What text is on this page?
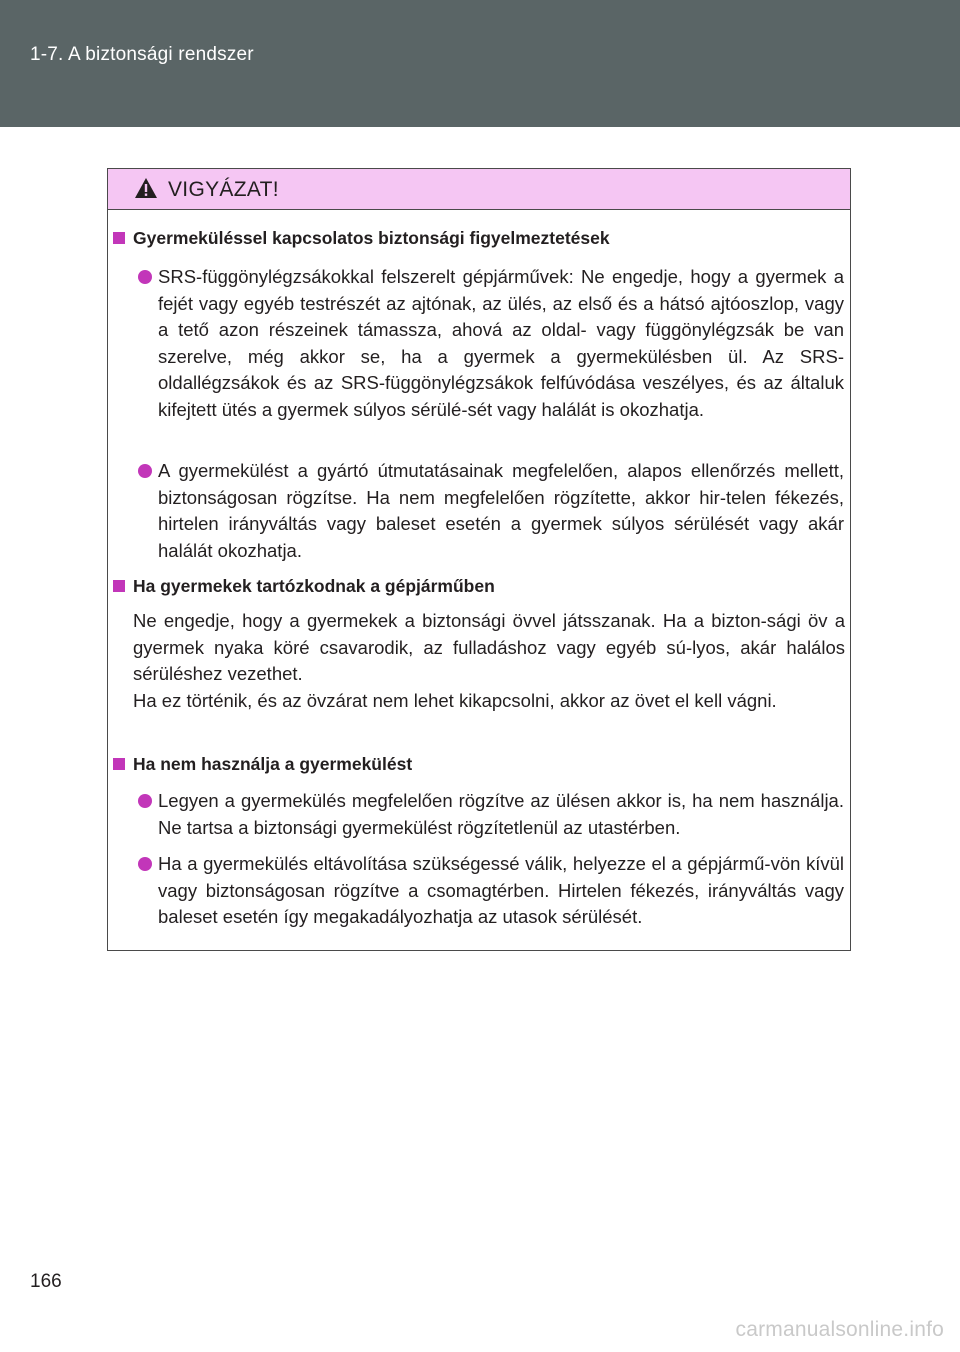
1-7. A biztonsági rendszer
VIGYÁZAT!
Gyermeküléssel kapcsolatos biztonsági figyelmeztetések
SRS-függönylégzsákokkal felszerelt gépjárművek: Ne engedje, hogy a gyermek a fejét vagy egyéb testrészét az ajtónak, az ülés, az első és a hátsó ajtóoszlop, vagy a tető azon részeinek támassza, ahová az oldal- vagy függönylégzsák be van szerelve, még akkor se, ha a gyermek a gyermekülésben ül. Az SRS-oldallégzsákok és az SRS-függönylégzsákok felfúvódása veszélyes, és az általuk kifejtett ütés a gyermek súlyos sérülé-sét vagy halálát is okozhatja.
A gyermekülést a gyártó útmutatásainak megfelelően, alapos ellenőrzés mellett, biztonságosan rögzítse. Ha nem megfelelően rögzítette, akkor hir-telen fékezés, hirtelen irányváltás vagy baleset esetén a gyermek súlyos sérülését vagy akár halálát okozhatja.
Ha gyermekek tartózkodnak a gépjárműben
Ne engedje, hogy a gyermekek a biztonsági övvel játsszanak. Ha a bizton-sági öv a gyermek nyaka köré csavarodik, az fulladáshoz vagy egyéb sú-lyos, akár halálos sérüléshez vezethet.
Ha ez történik, és az övzárat nem lehet kikapcsolni, akkor az övet el kell vágni.
Ha nem használja a gyermekülést
Legyen a gyermekülés megfelelően rögzítve az ülésen akkor is, ha nem használja. Ne tartsa a biztonsági gyermekülést rögzítetlenül az utastérben.
Ha a gyermekülés eltávolítása szükségessé válik, helyezze el a gépjármű-vön kívül vagy biztonságosan rögzítve a csomagtérben. Hirtelen fékezés, irányváltás vagy baleset esetén így megakadályozhatja az utasok sérülését.
166
carmanualsonline.info
